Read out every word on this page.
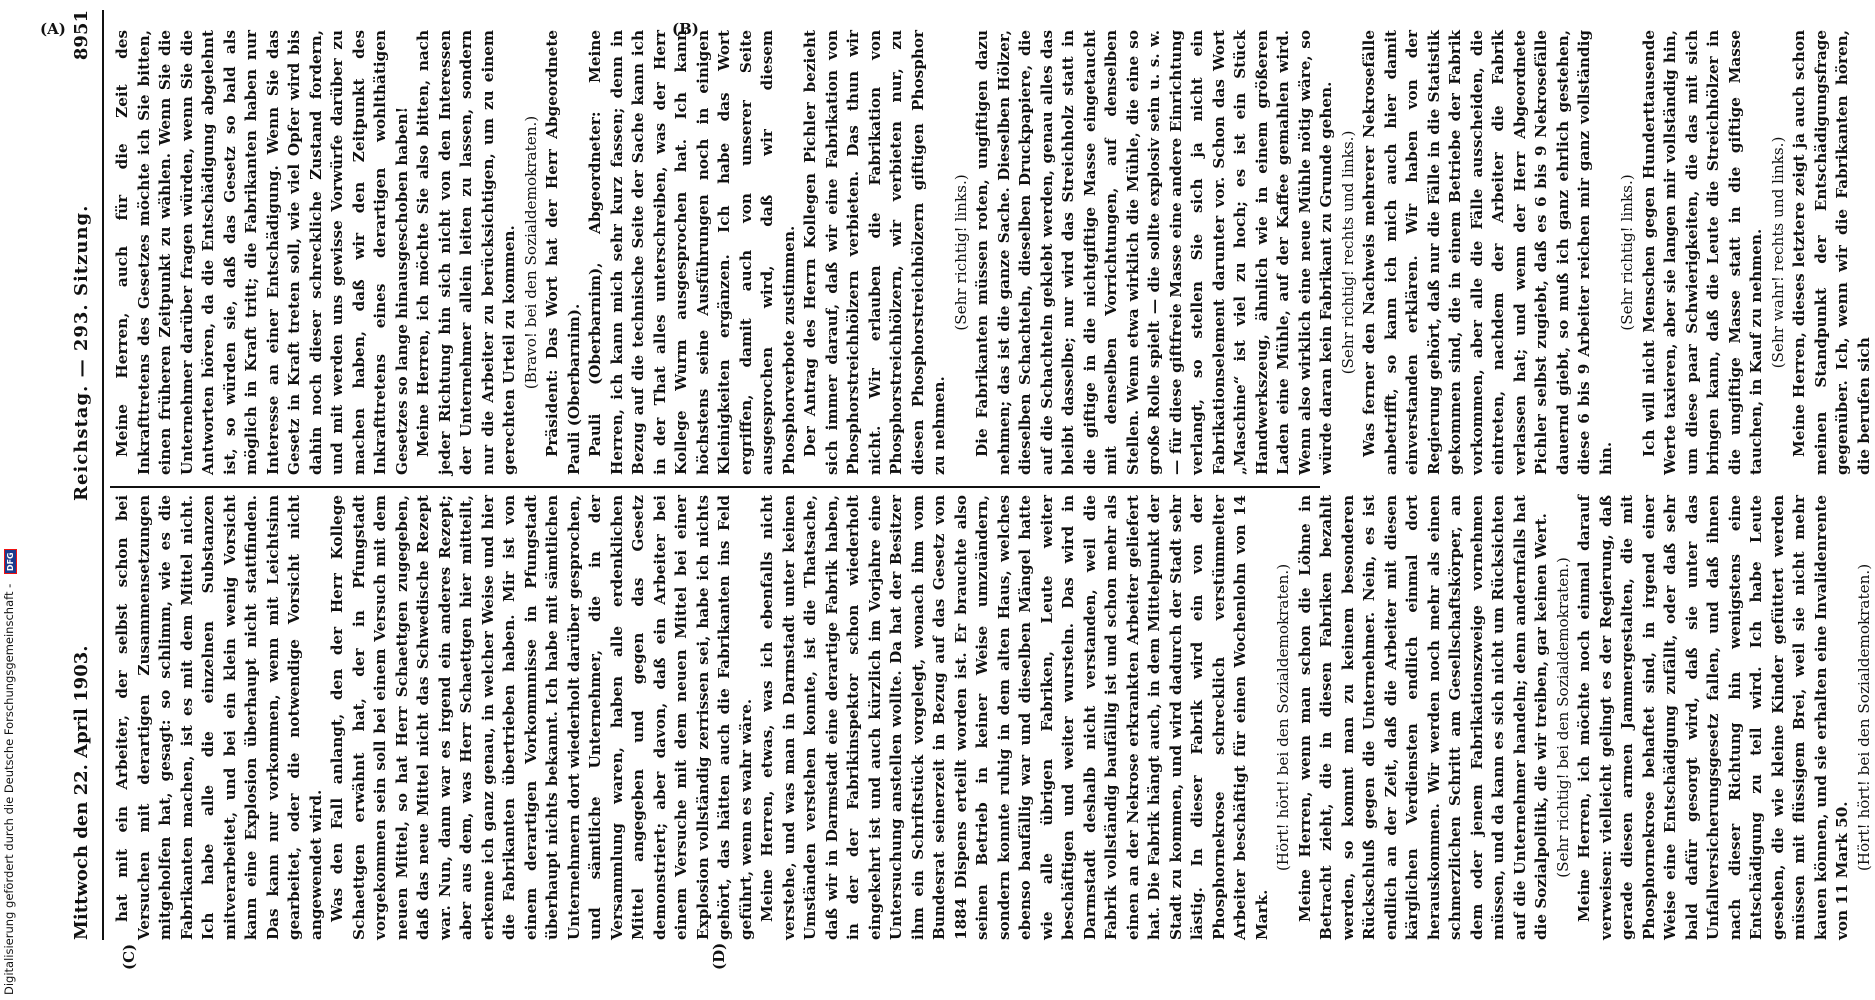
Mittwoch den 22. April 1903.
Reichstag. — 293. Sitzung.
8951

hat mit ein Arbeiter, der selbst schon bei Versuchen mit derartigen Zusammensetzungen mitgeholfen hat, gesagt: so schlimm, wie es die Fabrikanten machen, ist es mit dem Mittel nicht. Ich habe alle die einzelnen Substanzen mitverarbeitet, und bei ein klein wenig Vorsicht kann eine Explosion überhaupt nicht stattfinden. Das kann nur vorkommen, wenn mit Leichtsinn gearbeitet, oder die notwendige Vorsicht nicht angewendet wird. Was den Fall anlangt, den der Herr Kollege Schaettgen erwähnt hat, der in Pfungstadt vorgekommen sein soll bei einem Versuch mit dem neuen Mittel, so hat Herr Schaettgen zugegeben, daß das neue Mittel nicht das Schwedische Rezept war. Nun, dann war es irgend ein anderes Rezept; aber aus dem, was Herr Schaettgen hier mitteilt, erkenne ich ganz genau, in welcher Weise und hier die Fabrikanten übertrieben haben. Mir ist von einem derartigen Vorkommnisse in Pfungstadt überhaupt nichts bekannt. Ich habe mit sämtlichen Unternehmern dort wiederholt darüber gesprochen, und sämtliche Unternehmer, die in der Versammlung waren, haben alle erdenklichen Mittel angegeben und gegen das Gesetz demonstriert; aber davon, daß ein Arbeiter bei einem Versuche mit dem neuen Mittel bei einer Explosion vollständig zerrissen sei, habe ich nichts gehört, das hätten auch die Fabrikanten ins Feld geführt, wenn es wahr wäre. Meine Herren, etwas, was ich ebenfalls nicht verstehe, und was man in Darmstadt unter keinen Umständen verstehen konnte, ist die Thatsache, daß wir in Darmstadt eine derartige Fabrik haben, in der der Fabrikinspektor schon wiederholt eingekehrt ist und auch kürzlich im Vorjahre eine Untersuchung anstellen wollte. Da hat der Besitzer ihm ein Schriftstück vorgelegt, wonach ihm vom Bundesrat seinerzeit in Bezug auf das Gesetz von 1884 Dispens erteilt worden ist. Er brauchte also seinen Betrieb in keiner Weise umzuändern, sondern konnte ruhig in dem alten Haus, welches ebenso baufällig war und dieselben Mängel hatte wie alle übrigen Fabriken, Leute weiter beschäftigen und weiter wursteln. Das wird in Darmstadt deshalb nicht verstanden, weil die Fabrik vollständig baufällig ist und schon mehr als einen an der Nekrose erkrankten Arbeiter geliefert hat. Die Fabrik hängt auch, in dem Mittelpunkt der Stadt zu kommen, und wird dadurch der Stadt sehr lästig. In dieser Fabrik wird ein von der Phosphornekrose schrecklich verstümmelter Arbeiter beschäftigt für einen Wochenlohn von 14 Mark.

(Hört! hört! bei den Sozialdemokraten.) Meine Herren, wenn man schon die Löhne in Betracht zieht, die in diesen Fabriken bezahlt werden, so kommt man zu keinem besonderen Rückschluß gegen die Unternehmer. Nein, es ist endlich an der Zeit, daß die Arbeiter mit diesen kärglichen Verdiensten endlich einmal dort herauskommen. Wir werden noch mehr als einen schmerzlichen Schritt am Gesellschaftskörper, an dem oder jenem Fabrikationszweige vornehmen müssen, und da kann es sich nicht um Rücksichten auf die Unternehmer handeln; denn andernfalls hat die Sozialpolitik, die wir treiben, gar keinen Wert. (Sehr richtig! bei den Sozialdemokraten.) Meine Herren, ich möchte noch einmal darauf verweisen: vielleicht gelingt es der Regierung, daß gerade diesen armen Jammergestalten, die mit Phosphornekrose behaftet sind, in irgend einer Weise eine Entschädigung zufällt, oder daß sehr bald dafür gesorgt wird, daß sie unter das Unfallversicherungsgesetz fallen, und daß ihnen nach dieser Richtung hin wenigstens eine Entschädigung zu teil wird. Ich habe Leute gesehen, die wie kleine Kinder gefüttert werden müssen mit flüssigem Brei, weil sie nicht mehr kauen können, und sie erhalten eine Invalidenrente von 11 Mark 50. (Hört! hört! bei den Sozialdemokraten.)

Meine Herren, auch für die Zeit des Inkrafttretens des Gesetzes möchte ich Sie bitten, einen früheren Zeitpunkt zu wählen. Wenn Sie die Unternehmer darüber fragen würden, wenn Sie die Antworten hören, da die Entschädigung abgelehnt ist, so würden sie, daß das Gesetz so bald als möglich in Kraft tritt; die Fabrikanten haben nur Interesse an einer Entschädigung. Wenn Sie das Gesetz in Kraft treten soll, wie viel Opfer wird bis dahin noch dieser schreckliche Zustand fordern, und mit werden uns gewisse Vorwürfe darüber zu machen haben, daß wir den Zeitpunkt des Inkrafttretens eines derartigen wohlthätigen Gesetzes so lange hinausgeschoben haben! Meine Herren, ich möchte Sie also bitten, nach jeder Richtung hin sich nicht von den Interessen der Unternehmer allein leiten zu lassen, sondern nur die Arbeiter zu berücksichtigen, um zu einem gerechten Urteil zu kommen. (Bravo! bei den Sozialdemokraten.) Präsident: Das Wort hat der Herr Abgeordnete Pauli (Oberbarnim). Pauli (Oberbarnim), Abgeordneter: Meine Herren, ich kann mich sehr kurz fassen; denn in Bezug auf die technische Seite der Sache kann ich in der That alles unterschreiben, was der Herr Kollege Wurm ausgesprochen hat. Ich kann höchstens seine Ausführungen noch in einigen Kleinigkeiten ergänzen. Ich habe das Wort ergriffen, damit auch von unserer Seite ausgesprochen wird, daß wir diesem Phosphorverbote zustimmen. Der Antrag des Herrn Kollegen Pichler bezieht sich immer darauf, daß wir eine Fabrikation von Phosphorstreichhölzern verbieten. Das thun wir nicht. Wir erlauben die Fabrikation von Phosphorstreichhölzern, wir verbieten nur, zu diesen Phosphorstreichhölzern giftigen Phosphor zu nehmen.

(Sehr richtig! links.) Die Fabrikanten müssen roten, ungiftigen dazu nehmen; das ist die ganze Sache. Dieselben Hölzer, dieselben Schachteln, dieselben Druckpapiere, die auf die Schachteln geklebt werden, genau alles das bleibt dasselbe; nur wird das Streichholz statt in die giftige in die nichtgiftige Masse eingetaucht mit denselben Vorrichtungen, auf denselben Stellen. Wenn etwa wirklich die Mühle, die eine so große Rolle spielt — die sollte explosiv sein u. s. w. — für diese giftfreie Masse eine andere Einrichtung verlangt, so stellen Sie sich ja nicht ein Fabrikationselement darunter vor. Schon das Wort „Maschine“ ist viel zu hoch; es ist ein Stück Handwerkszeug, ähnlich wie in einem größeren Laden eine Mühle, auf der Kaffee gemahlen wird. Wenn also wirklich eine neue Mühle nötig wäre, so würde daran kein Fabrikant zu Grunde gehen. (Sehr richtig! rechts und links.) Was ferner den Nachweis mehrerer Nekrosefälle anbetrifft, so kann ich mich auch hier damit einverstanden erklären. Wir haben von der Regierung gehört, daß nur die Fälle in die Statistik gekommen sind, die in einem Betriebe der Fabrik vorkommen, aber alle die Fälle ausscheiden, die eintreten, nachdem der Arbeiter die Fabrik verlassen hat; und wenn der Herr Abgeordnete Pichler selbst zugiebt, daß es 6 bis 9 Nekrosefälle dauernd giebt, so muß ich ganz ehrlich gestehen, diese 6 bis 9 Arbeiter reichen mir ganz vollständig hin.

(Sehr richtig! links.) Ich will nicht Menschen gegen Hunderttausende Werte taxieren, aber sie langen mir vollständig hin, um diese paar Schwierigkeiten, die das mit sich bringen kann, daß die Leute die Streichhölzer in die ungiftige Masse statt in die giftige Masse tauchen, in Kauf zu nehmen. (Sehr wahr! rechts und links.) Meine Herren, dieses letztere zeigt ja auch schon meinen Standpunkt der Entschädigungsfrage gegenüber. Ich, wenn wir die Fabrikanten hören, die berufen sich

(C)	(D)
(A)	(B)
Digitalisierung gefördert durch die Deutsche Forschungsgemeinschaft - DFG
